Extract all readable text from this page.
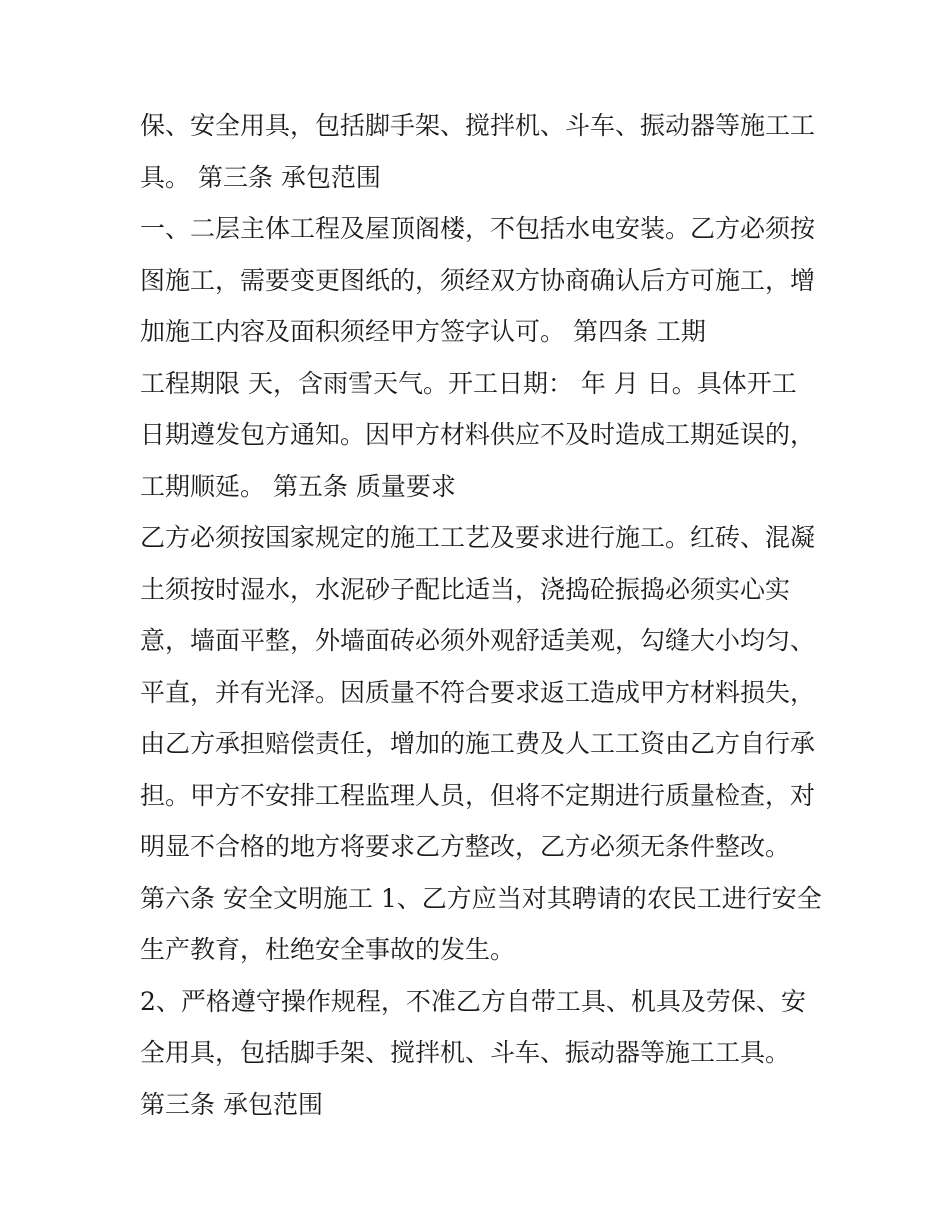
保、安全用具，包括脚手架、搅拌机、斗车、振动器等施工工
具。 第三条 承包范围
一、二层主体工程及屋顶阁楼，不包括水电安装。乙方必须按
图施工，需要变更图纸的，须经双方协商确认后方可施工，增
加施工内容及面积须经甲方签字认可。 第四条 工期
工程期限 天，含雨雪天气。开工日期： 年 月 日。具体开工
日期遵发包方通知。因甲方材料供应不及时造成工期延误的，
工期顺延。 第五条 质量要求
乙方必须按国家规定的施工工艺及要求进行施工。红砖、混凝
土须按时湿水，水泥砂子配比适当，浇捣砼振捣必须实心实
意，墙面平整，外墙面砖必须外观舒适美观，勾缝大小均匀、
平直，并有光泽。因质量不符合要求返工造成甲方材料损失，
由乙方承担赔偿责任，增加的施工费及人工工资由乙方自行承
担。甲方不安排工程监理人员，但将不定期进行质量检查，对
明显不合格的地方将要求乙方整改，乙方必须无条件整改。
第六条 安全文明施工 1、乙方应当对其聘请的农民工进行安全
生产教育，杜绝安全事故的发生。
2、严格遵守操作规程，不准乙方自带工具、机具及劳保、安
全用具，包括脚手架、搅拌机、斗车、振动器等施工工具。
第三条 承包范围
